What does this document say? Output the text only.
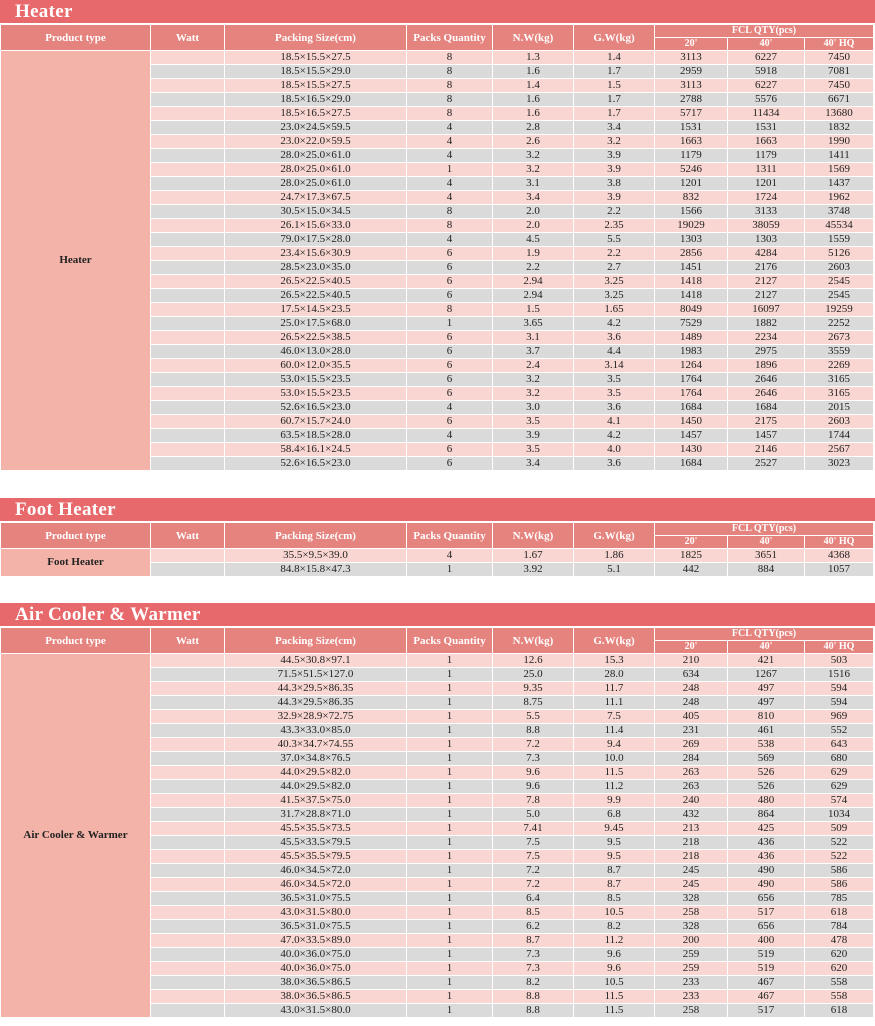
Heater
Product type	Watt	Packing Size(cm)	Packs Quantity	N.W(kg)	G.W(kg)	FCL QTY(pcs)		
						20'	40'	40' HQ
Heater		18.5×15.5×27.5	8	1.3	1.4	3113	6227	7450
		18.5×15.5×29.0	8	1.6	1.7	2959	5918	7081
		18.5×15.5×27.5	8	1.4	1.5	3113	6227	7450
		18.5×16.5×29.0	8	1.6	1.7	2788	5576	6671
		18.5×16.5×27.5	8	1.6	1.7	5717	11434	13680
		23.0×24.5×59.5	4	2.8	3.4	1531	1531	1832
		23.0×22.0×59.5	4	2.6	3.2	1663	1663	1990
		28.0×25.0×61.0	4	3.2	3.9	1179	1179	1411
		28.0×25.0×61.0	1	3.2	3.9	5246	1311	1569
		28.0×25.0×61.0	4	3.1	3.8	1201	1201	1437
		24.7×17.3×67.5	4	3.4	3.9	832	1724	1962
		30.5×15.0×34.5	8	2.0	2.2	1566	3133	3748
		26.1×15.6×33.0	8	2.0	2.35	19029	38059	45534
		79.0×17.5×28.0	4	4.5	5.5	1303	1303	1559
		23.4×15.6×30.9	6	1.9	2.2	2856	4284	5126
		28.5×23.0×35.0	6	2.2	2.7	1451	2176	2603
		26.5×22.5×40.5	6	2.94	3.25	1418	2127	2545
		26.5×22.5×40.5	6	2.94	3.25	1418	2127	2545
		17.5×14.5×23.5	8	1.5	1.65	8049	16097	19259
		25.0×17.5×68.0	1	3.65	4.2	7529	1882	2252
		26.5×22.5×38.5	6	3.1	3.6	1489	2234	2673
		46.0×13.0×28.0	6	3.7	4.4	1983	2975	3559
		60.0×12.0×35.5	6	2.4	3.14	1264	1896	2269
		53.0×15.5×23.5	6	3.2	3.5	1764	2646	3165
		53.0×15.5×23.5	6	3.2	3.5	1764	2646	3165
		52.6×16.5×23.0	4	3.0	3.6	1684	1684	2015
		60.7×15.7×24.0	6	3.5	4.1	1450	2175	2603
		63.5×18.5×28.0	4	3.9	4.2	1457	1457	1744
		58.4×16.1×24.5	6	3.5	4.0	1430	2146	2567
		52.6×16.5×23.0	6	3.4	3.6	1684	2527	3023
Foot Heater
Product type	Watt	Packing Size(cm)	Packs Quantity	N.W(kg)	G.W(kg)	FCL QTY(pcs)		
						20'	40'	40' HQ
Foot Heater		35.5×9.5×39.0	4	1.67	1.86	1825	3651	4368
		84.8×15.8×47.3	1	3.92	5.1	442	884	1057
Air Cooler & Warmer
Product type	Watt	Packing Size(cm)	Packs Quantity	N.W(kg)	G.W(kg)	FCL QTY(pcs)		
						20'	40'	40' HQ
Air Cooler & Warmer		44.5×30.8×97.1	1	12.6	15.3	210	421	503
		71.5×51.5×127.0	1	25.0	28.0	634	1267	1516
		44.3×29.5×86.35	1	9.35	11.7	248	497	594
		44.3×29.5×86.35	1	8.75	11.1	248	497	594
		32.9×28.9×72.75	1	5.5	7.5	405	810	969
		43.3×33.0×85.0	1	8.8	11.4	231	461	552
		40.3×34.7×74.55	1	7.2	9.4	269	538	643
		37.0×34.8×76.5	1	7.3	10.0	284	569	680
		44.0×29.5×82.0	1	9.6	11.5	263	526	629
		44.0×29.5×82.0	1	9.6	11.2	263	526	629
		41.5×37.5×75.0	1	7.8	9.9	240	480	574
		31.7×28.8×71.0	1	5.0	6.8	432	864	1034
		45.5×35.5×73.5	1	7.41	9.45	213	425	509
		45.5×33.5×79.5	1	7.5	9.5	218	436	522
		45.5×35.5×79.5	1	7.5	9.5	218	436	522
		46.0×34.5×72.0	1	7.2	8.7	245	490	586
		46.0×34.5×72.0	1	7.2	8.7	245	490	586
		36.5×31.0×75.5	1	6.4	8.5	328	656	785
		43.0×31.5×80.0	1	8.5	10.5	258	517	618
		36.5×31.0×75.5	1	6.2	8.2	328	656	784
		47.0×33.5×89.0	1	8.7	11.2	200	400	478
		40.0×36.0×75.0	1	7.3	9.6	259	519	620
		40.0×36.0×75.0	1	7.3	9.6	259	519	620
		38.0×36.5×86.5	1	8.2	10.5	233	467	558
		38.0×36.5×86.5	1	8.8	11.5	233	467	558
		43.0×31.5×80.0	1	8.8	11.5	258	517	618
